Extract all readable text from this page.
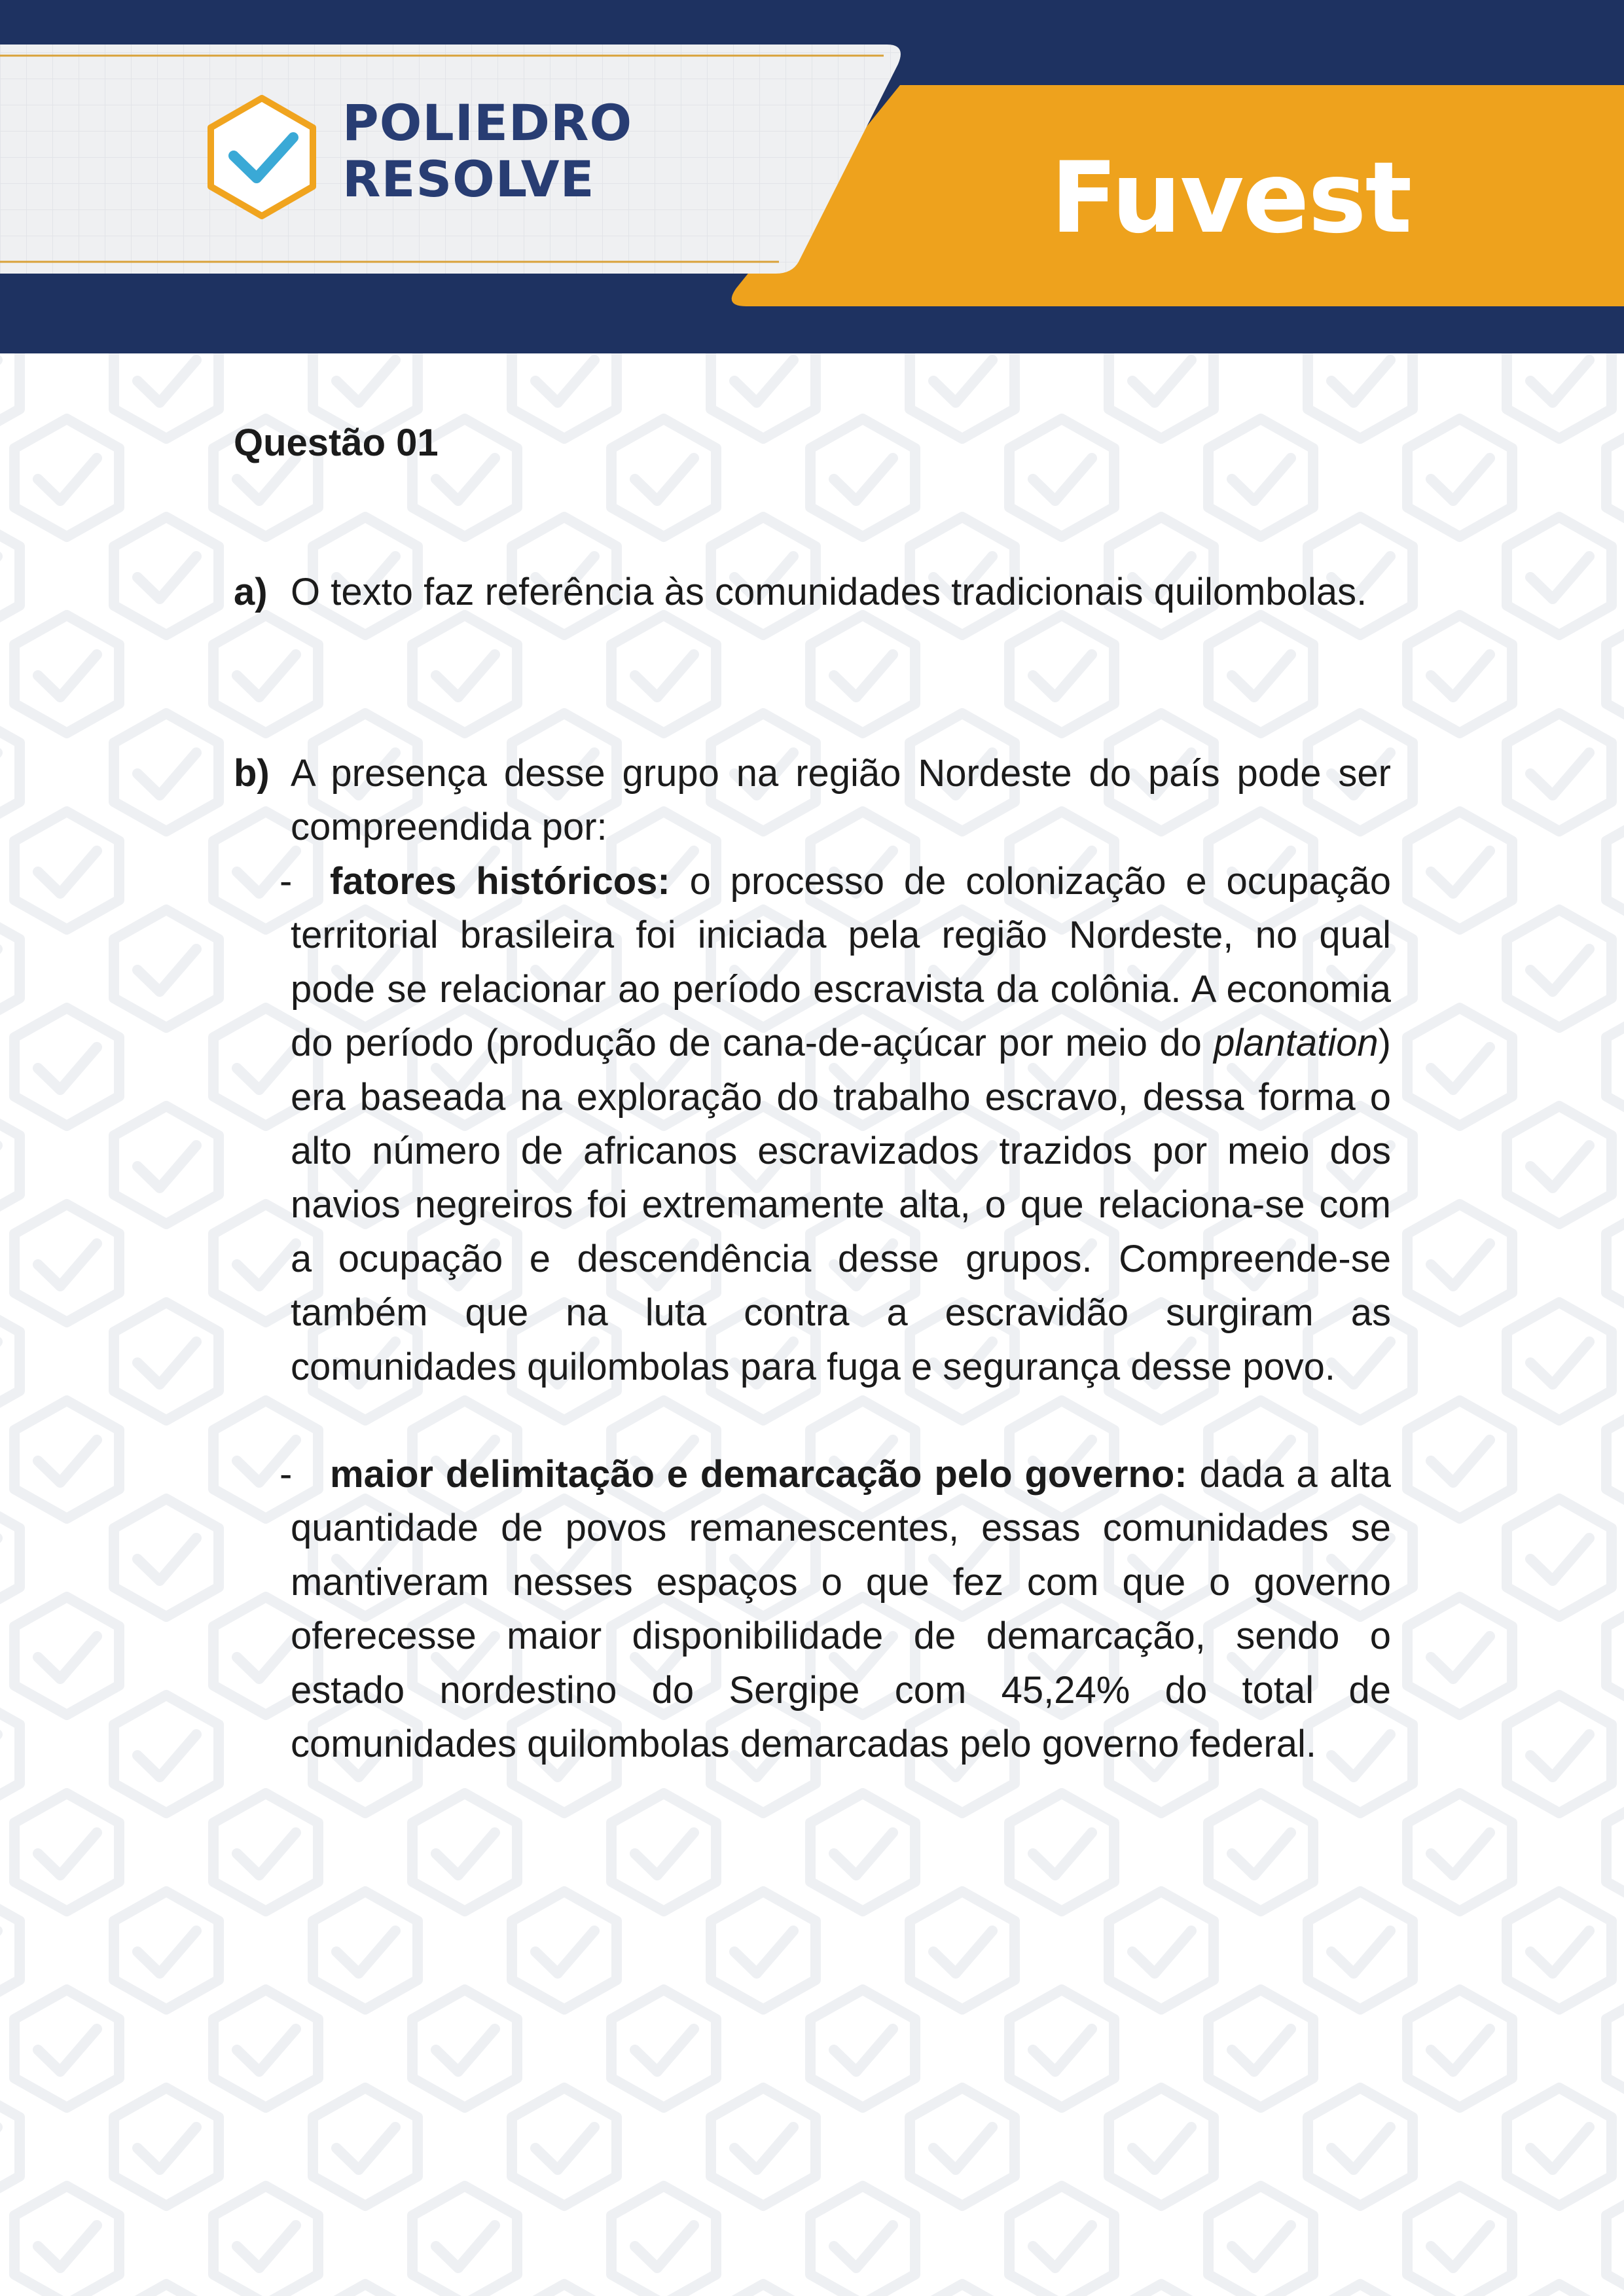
POLIEDRO
RESOLVE	Fuvest
Questão 01
a) O texto faz referência às comunidades tradicionais quilombolas.

b) A presença desse grupo na região Nordeste do país pode ser compreendida por:

- fatores históricos: o processo de colonização e ocupação territorial brasileira foi iniciada pela região Nordeste, no qual pode se relacionar ao período escravista da colônia. A economia do período (produção de cana-de-açúcar por meio do plantation) era baseada na exploração do trabalho escravo, dessa forma o alto número de africanos escravizados trazidos por meio dos navios negreiros foi extremamente alta, o que relaciona-se com a ocupação e descendência desse grupos. Compreende-se também que na luta contra a escravidão surgiram as comunidades quilombolas para fuga e segurança desse povo.

- maior delimitação e demarcação pelo governo: dada a alta quantidade de povos remanescentes, essas comunidades se mantiveram nesses espaços o que fez com que o governo oferecesse maior disponibilidade de demarcação, sendo o estado nordestino do Sergipe com 45,24% do total de comunidades quilombolas demarcadas pelo governo federal.
